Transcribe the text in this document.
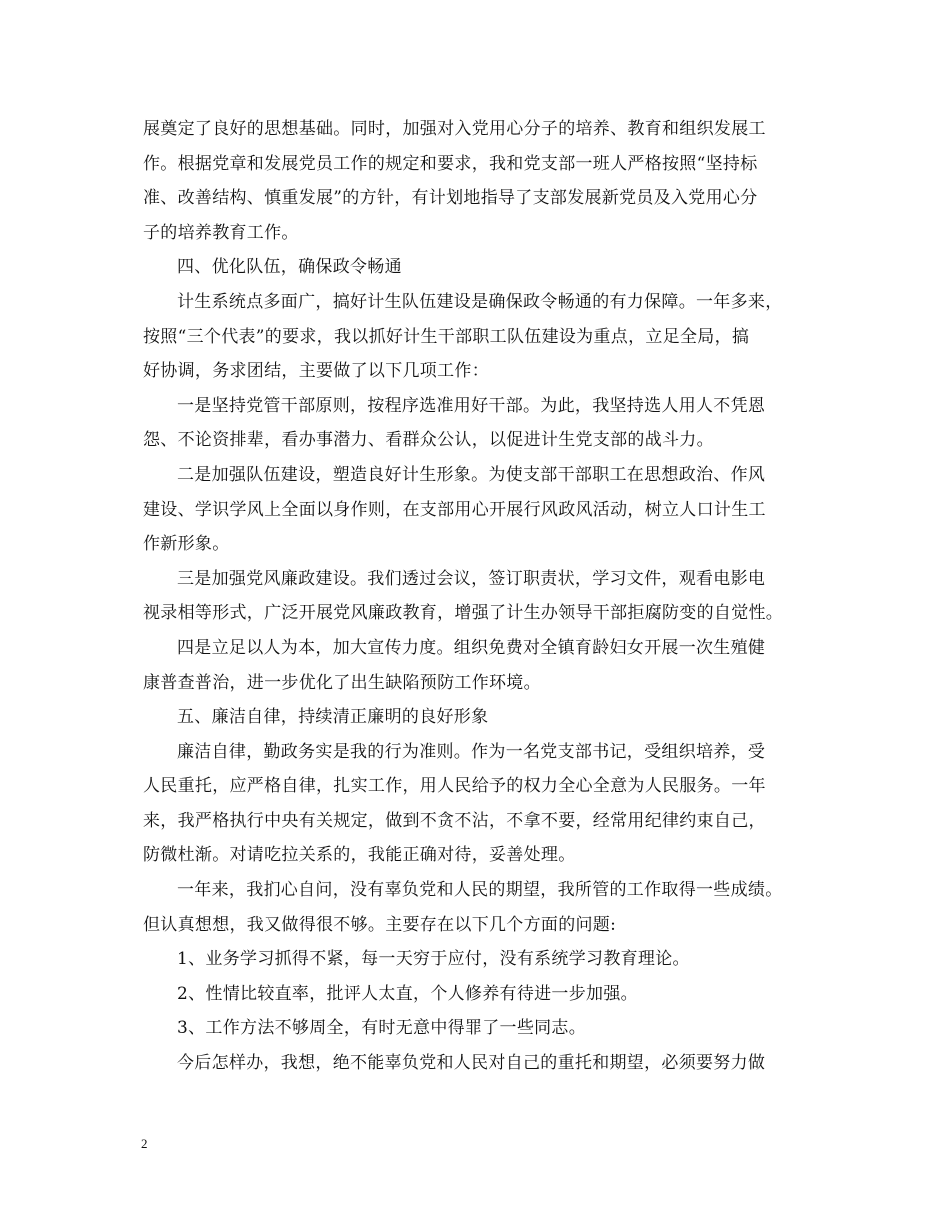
展奠定了良好的思想基础。同时，加强对入党用心分子的培养、教育和组织发展工
作。根据党章和发展党员工作的规定和要求，我和党支部一班人严格按照“坚持标
准、改善结构、慎重发展”的方针，有计划地指导了支部发展新党员及入党用心分
子的培养教育工作。
四、优化队伍，确保政令畅通
计生系统点多面广，搞好计生队伍建设是确保政令畅通的有力保障。一年多来，
按照“三个代表”的要求，我以抓好计生干部职工队伍建设为重点，立足全局，搞
好协调，务求团结，主要做了以下几项工作：
一是坚持党管干部原则，按程序选准用好干部。为此，我坚持选人用人不凭恩
怨、不论资排辈，看办事潜力、看群众公认，以促进计生党支部的战斗力。
二是加强队伍建设，塑造良好计生形象。为使支部干部职工在思想政治、作风
建设、学识学风上全面以身作则，在支部用心开展行风政风活动，树立人口计生工
作新形象。
三是加强党风廉政建设。我们透过会议，签订职责状，学习文件，观看电影电
视录相等形式，广泛开展党风廉政教育，增强了计生办领导干部拒腐防变的自觉性。
四是立足以人为本，加大宣传力度。组织免费对全镇育龄妇女开展一次生殖健
康普查普治，进一步优化了出生缺陷预防工作环境。
五、廉洁自律，持续清正廉明的良好形象
廉洁自律，勤政务实是我的行为准则。作为一名党支部书记，受组织培养，受
人民重托，应严格自律，扎实工作，用人民给予的权力全心全意为人民服务。一年
来，我严格执行中央有关规定，做到不贪不沾，不拿不要，经常用纪律约束自己，
防微杜渐。对请吃拉关系的，我能正确对待，妥善处理。
一年来，我扪心自问，没有辜负党和人民的期望，我所管的工作取得一些成绩。
但认真想想，我又做得很不够。主要存在以下几个方面的问题:
1、业务学习抓得不紧，每一天穷于应付，没有系统学习教育理论。
2、性情比较直率，批评人太直，个人修养有待进一步加强。
3、工作方法不够周全，有时无意中得罪了一些同志。
今后怎样办，我想，绝不能辜负党和人民对自己的重托和期望，必须要努力做
2
